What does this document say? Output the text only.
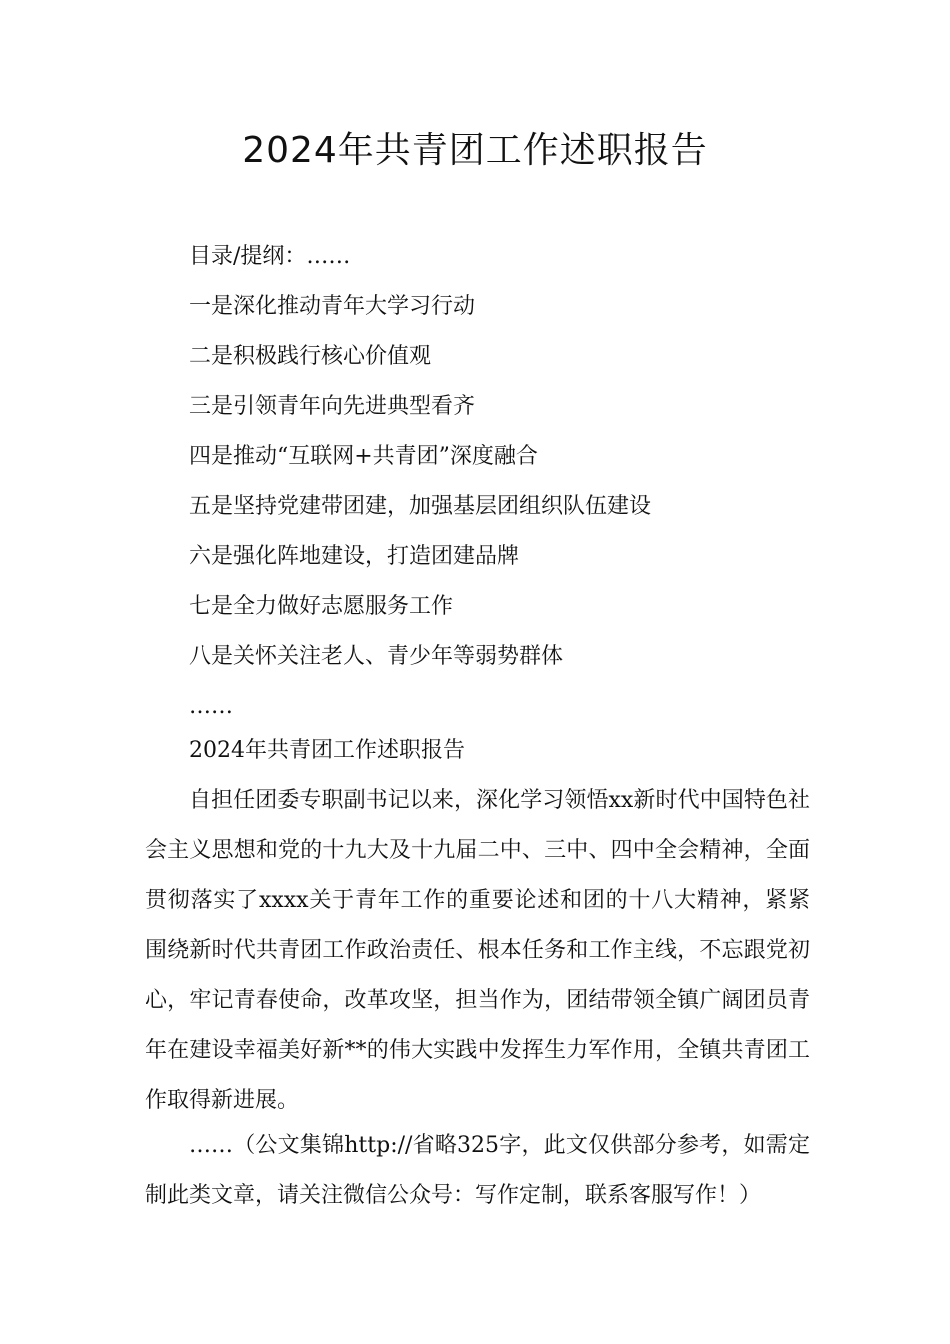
2024年共青团工作述职报告
目录/提纲：……
一是深化推动青年大学习行动
二是积极践行核心价值观
三是引领青年向先进典型看齐
四是推动“互联网+共青团”深度融合
五是坚持党建带团建，加强基层团组织队伍建设
六是强化阵地建设，打造团建品牌
七是全力做好志愿服务工作
八是关怀关注老人、青少年等弱势群体
……
2024年共青团工作述职报告

自担任团委专职副书记以来，深化学习领悟xx新时代中国特色社会主义思想和党的十九大及十九届二中、三中、四中全会精神，全面贯彻落实了xxxx关于青年工作的重要论述和团的十八大精神，紧紧围绕新时代共青团工作政治责任、根本任务和工作主线，不忘跟党初心，牢记青春使命，改革攻坚，担当作为，团结带领全镇广阔团员青年在建设幸福美好新**的伟大实践中发挥生力军作用，全镇共青团工作取得新进展。

……（公文集锦http://省略325字，此文仅供部分参考，如需定制此类文章，请关注微信公众号：写作定制，联系客服写作！）
